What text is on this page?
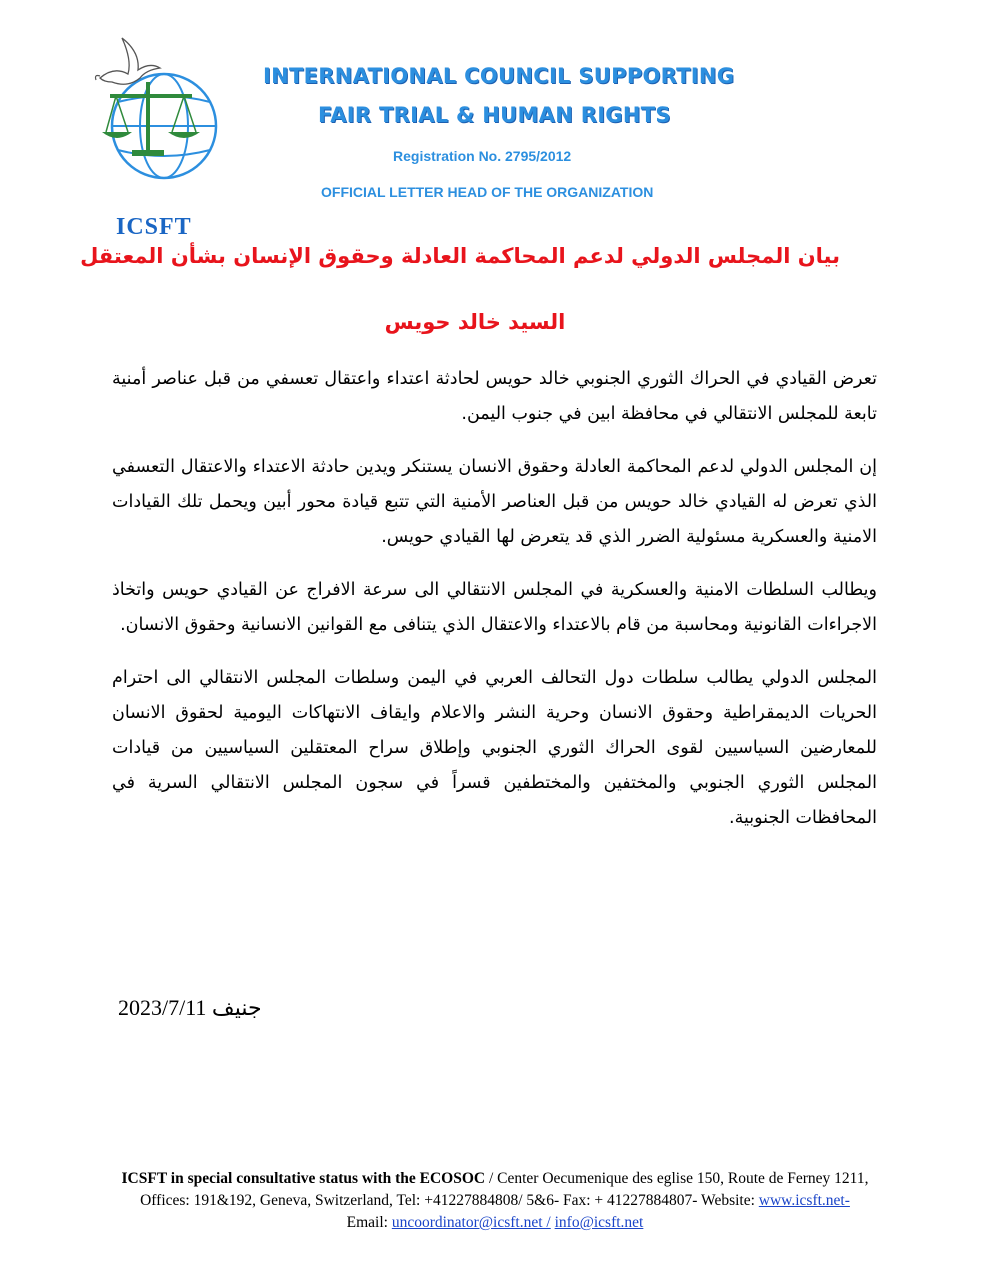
ICSFT
INTERNATIONAL COUNCIL SUPPORTING
FAIR TRIAL & HUMAN RIGHTS
Registration No. 2795/2012
OFFICIAL LETTER HEAD OF THE ORGANIZATION
بيان المجلس الدولي لدعم المحاكمة العادلة وحقوق الإنسان بشأن المعتقل
السيد خالد حويس

تعرض القيادي في الحراك الثوري الجنوبي خالد حويس لحادثة اعتداء واعتقال تعسفي من قبل عناصر أمنية تابعة للمجلس الانتقالي في محافظة ابين في جنوب اليمن.

إن المجلس الدولي لدعم المحاكمة العادلة وحقوق الانسان يستنكر ويدين حادثة الاعتداء والاعتقال التعسفي الذي تعرض له القيادي خالد حويس من قبل العناصر الأمنية التي تتبع قيادة محور أبين ويحمل تلك القيادات الامنية والعسكرية مسئولية الضرر الذي قد يتعرض لها القيادي حويس.

ويطالب السلطات الامنية والعسكرية في المجلس الانتقالي الى سرعة الافراج عن القيادي حويس واتخاذ الاجراءات القانونية ومحاسبة من قام بالاعتداء والاعتقال الذي يتنافى مع القوانين الانسانية وحقوق الانسان.

المجلس الدولي يطالب سلطات دول التحالف العربي في اليمن وسلطات المجلس الانتقالي الى احترام الحريات الديمقراطية وحقوق الانسان وحرية النشر والاعلام وايقاف الانتهاكات اليومية لحقوق الانسان للمعارضين السياسيين لقوى الحراك الثوري الجنوبي وإطلاق سراح المعتقلين السياسيين من قيادات المجلس الثوري الجنوبي والمختفين والمختطفين قسراً في سجون المجلس الانتقالي السرية في المحافظات الجنوبية.

جنيف 2023/7/11
ICSFT in special consultative status with the ECOSOC / Center Oecumenique des eglise 150, Route de Ferney 1211, Offices: 191&192, Geneva, Switzerland, Tel: +41227884808/ 5&6- Fax: + 41227884807- Website: www.icsft.net- Email: uncoordinator@icsft.net / info@icsft.net
